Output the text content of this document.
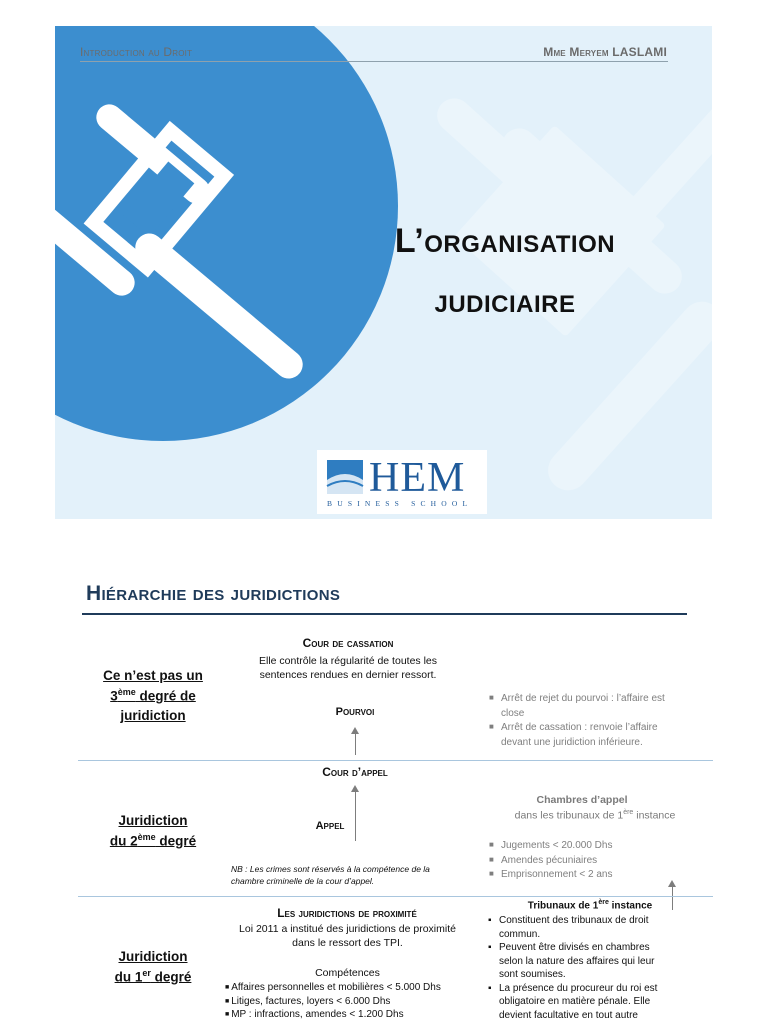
Introduction au Droit	Mme Meryem LASLAMI
L’organisation
judiciaire
HEM
BUSINESS SCHOOL
Hiérarchie des juridictions
Ce n’est pas un
3ème degré de
juridiction
Juridiction
du 2ème degré
Juridiction
du 1er degré
Cour de cassation
Elle contrôle la régularité de toutes les
sentences rendues en dernier ressort.
Pourvoi
■ Arrêt de rejet du pourvoi : l’affaire est
close
■ Arrêt de cassation : renvoie l’affaire
devant une juridiction inférieure.
Cour d’appel
Appel
Chambres d’appel
dans les tribunaux de 1ère instance
■ Jugements < 20.000 Dhs
■ Amendes pécuniaires
■ Emprisonnement < 2 ans
NB : Les crimes sont réservés à la compétence de la
chambre criminelle de la cour d’appel.
Les juridictions de proximité
Loi 2011 a institué des juridictions de proximité
dans le ressort des TPI.
Compétences
■ Affaires personnelles et mobilières < 5.000 Dhs
■ Litiges, factures, loyers < 6.000 Dhs
■ MP : infractions, amendes < 1.200 Dhs
Tribunaux de 1ère instance
▪ Constituent des tribunaux de droit
commun.
▪ Peuvent être divisés en chambres
selon la nature des affaires qui leur
sont soumises.
▪ La présence du procureur du roi est
obligatoire en matière pénale. Elle
devient facultative en tout autre
